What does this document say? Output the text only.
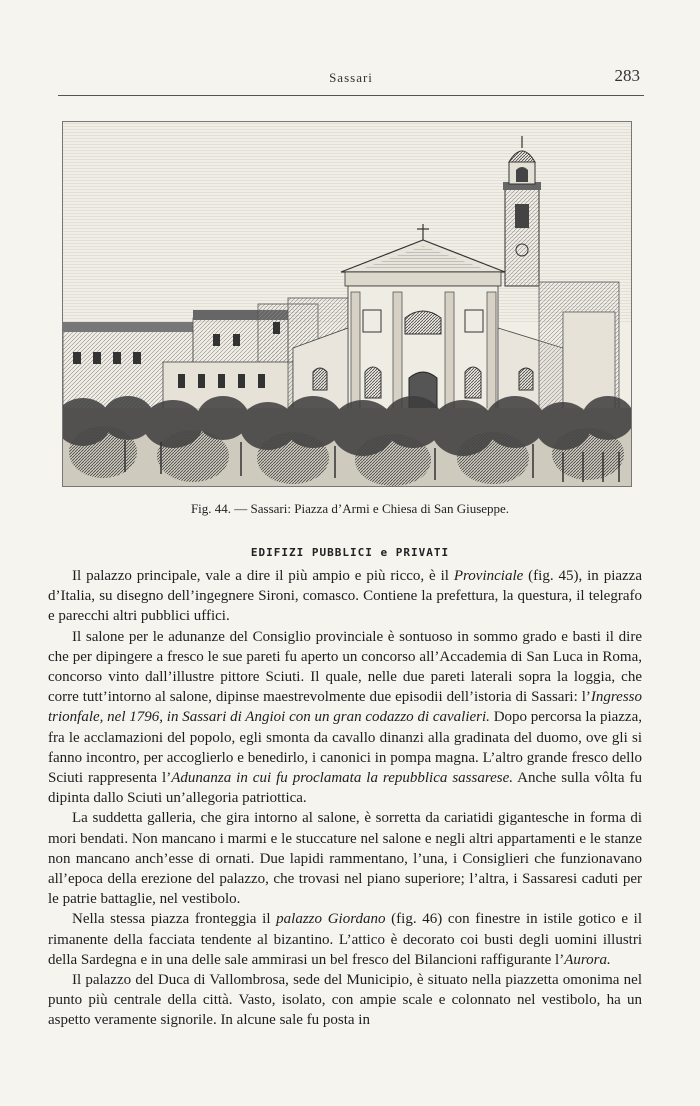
Sassari	283
Fig. 44. — Sassari: Piazza d’Armi e Chiesa di San Giuseppe.
EDIFIZI PUBBLICI e PRIVATI

Il palazzo principale, vale a dire il più ampio e più ricco, è il Provinciale (fig. 45), in piazza d’Italia, su disegno dell’ingegnere Sironi, comasco. Contiene la prefettura, la questura, il telegrafo e parecchi altri pubblici uffici.

Il salone per le adunanze del Consiglio provinciale è sontuoso in sommo grado e basti il dire che per dipingere a fresco le sue pareti fu aperto un concorso all’Accademia di San Luca in Roma, concorso vinto dall’illustre pittore Sciuti. Il quale, nelle due pareti laterali sopra la loggia, che corre tutt’intorno al salone, dipinse maestrevolmente due episodii dell’istoria di Sassari: l’Ingresso trionfale, nel 1796, in Sassari di Angioi con un gran codazzo di cavalieri. Dopo percorsa la piazza, fra le acclamazioni del popolo, egli smonta da cavallo dinanzi alla gradinata del duomo, ove gli si fanno incontro, per accoglierlo e benedirlo, i canonici in pompa magna. L’altro grande fresco dello Sciuti rappresenta l’Adunanza in cui fu proclamata la repubblica sassarese. Anche sulla vôlta fu dipinta dallo Sciuti un’allegoria patriottica.

La suddetta galleria, che gira intorno al salone, è sorretta da cariatidi gigantesche in forma di mori bendati. Non mancano i marmi e le stuccature nel salone e negli altri appartamenti e le stanze non mancano anch’esse di ornati. Due lapidi rammentano, l’una, i Consiglieri che funzionavano all’epoca della erezione del palazzo, che trovasi nel piano superiore; l’altra, i Sassaresi caduti per le patrie battaglie, nel vestibolo.

Nella stessa piazza fronteggia il palazzo Giordano (fig. 46) con finestre in istile gotico e il rimanente della facciata tendente al bizantino. L’attico è decorato coi busti degli uomini illustri della Sardegna e in una delle sale ammirasi un bel fresco del Bilancioni raffigurante l’Aurora.

Il palazzo del Duca di Vallombrosa, sede del Municipio, è situato nella piazzetta omonima nel punto più centrale della città. Vasto, isolato, con ampie scale e colonnato nel vestibolo, ha un aspetto veramente signorile. In alcune sale fu posta in
